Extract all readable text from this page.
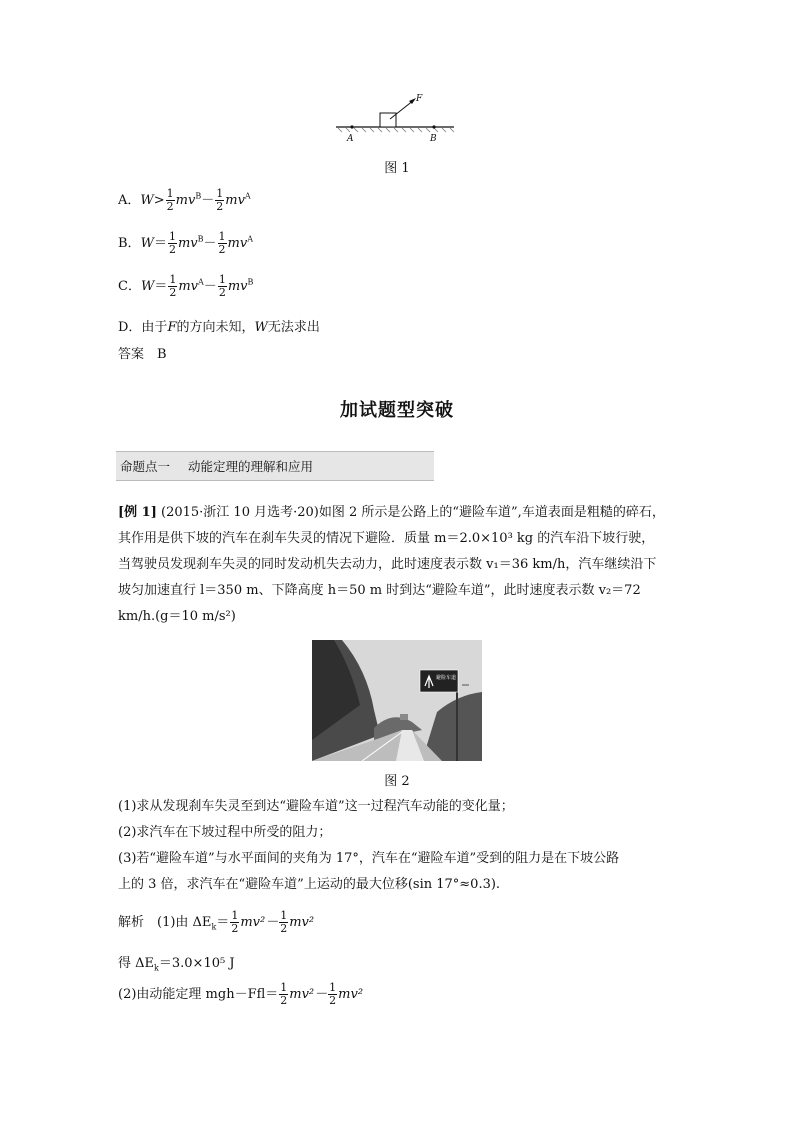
F
A	B
图 1
A．$W> \frac{1}{2} mv^B- \frac{1}{2} mv^A$
B．$W= \frac{1}{2} mv^B- \frac{1}{2} mv^A$
C．$W= \frac{1}{2} mv^A- \frac{1}{2} mv^B$
D．由于F的方向未知，W无法求出
答案　B
加试题型突破
命题点一 动能定理的理解和应用
[例 1] (2015·浙江 10 月选考·20)如图 2 所示是公路上的“避险车道”,车道表面是粗糙的碎石，
其作用是供下坡的汽车在刹车失灵的情况下避险．质量 m＝2.0×10³ kg 的汽车沿下坡行驶，
当驾驶员发现刹车失灵的同时发动机失去动力，此时速度表示数 v₁＝36 km/h，汽车继续沿下
坡匀加速直行 l＝350 m、下降高度 h＝50 m 时到达“避险车道”，此时速度表示数 v₂＝72
km/h.(g＝10 m/s²)
避险车道
图 2
(1)求从发现刹车失灵至到达“避险车道”这一过程汽车动能的变化量；
(2)求汽车在下坡过程中所受的阻力；
(3)若“避险车道”与水平面间的夹角为 17°，汽车在“避险车道”受到的阻力是在下坡公路
上的 3 倍，求汽车在“避险车道”上运动的最大位移(sin 17°≈0.3).
解析　(1)由 $\Delta E_k= \frac{1}{2} mv^2- \frac{1}{2} mv^2$
得 $\Delta E_k=3.0\times 10^5$ J
(2)由动能定理 $mgh-Ffl= \frac{1}{2} mv^2- \frac{1}{2} mv^2$
